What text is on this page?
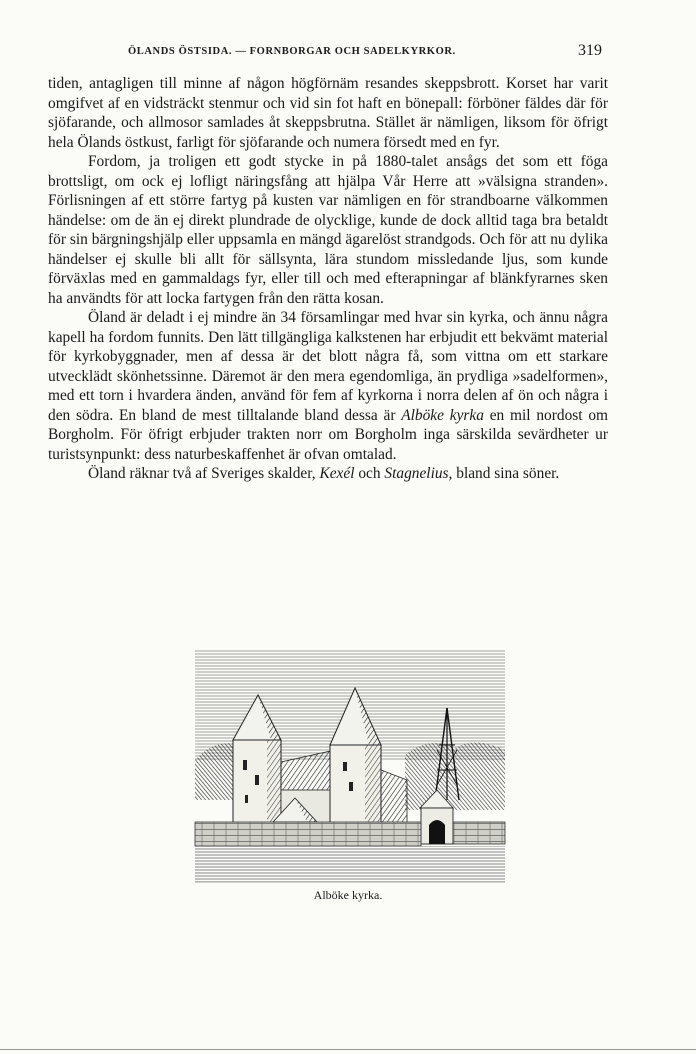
ÖLANDS ÖSTSIDA. — FORNBORGAR OCH SADELKYRKOR.	319

tiden, antagligen till minne af någon högförnäm resandes skeppsbrott. Korset har varit omgifvet af en vidsträckt stenmur och vid sin fot haft en bönepall: förböner fäldes där för sjöfarande, och allmosor samlades åt skeppsbrutna. Stället är nämligen, liksom för öfrigt hela Ölands östkust, farligt för sjöfarande och numera försedt med en fyr.

Fordom, ja troligen ett godt stycke in på 1880-talet ansågs det som ett föga brottsligt, om ock ej lofligt näringsfång att hjälpa Vår Herre att »välsigna stranden». Förlisningen af ett större fartyg på kusten var nämligen en för strandboarne välkommen händelse: om de än ej direkt plundrade de olycklige, kunde de dock alltid taga bra betaldt för sin bärgningshjälp eller uppsamla en mängd ägarelöst strandgods. Och för att nu dylika händelser ej skulle bli allt för sällsynta, lära stundom missledande ljus, som kunde förväxlas med en gammaldags fyr, eller till och med efterapningar af blänkfyrarnes sken ha användts för att locka fartygen från den rätta kosan.

Öland är deladt i ej mindre än 34 församlingar med hvar sin kyrka, och ännu några kapell ha fordom funnits. Den lätt tillgängliga kalkstenen har erbjudit ett bekvämt material för kyrkobyggnader, men af dessa är det blott några få, som vittna om ett starkare utvecklädt skönhetssinne. Däremot är den mera egendomliga, än prydliga »sadelformen», med ett torn i hvardera änden, använd för fem af kyrkorna i norra delen af ön och några i den södra. En bland de mest tilltalande bland dessa är Alböke kyrka en mil nordost om Borgholm. För öfrigt erbjuder trakten norr om Borgholm inga särskilda sevärdheter ur turistsynpunkt: dess naturbeskaffenhet är ofvan omtalad.

Öland räknar två af Sveriges skalder, Kexél och Stagnelius, bland sina söner.

Alböke kyrka.
